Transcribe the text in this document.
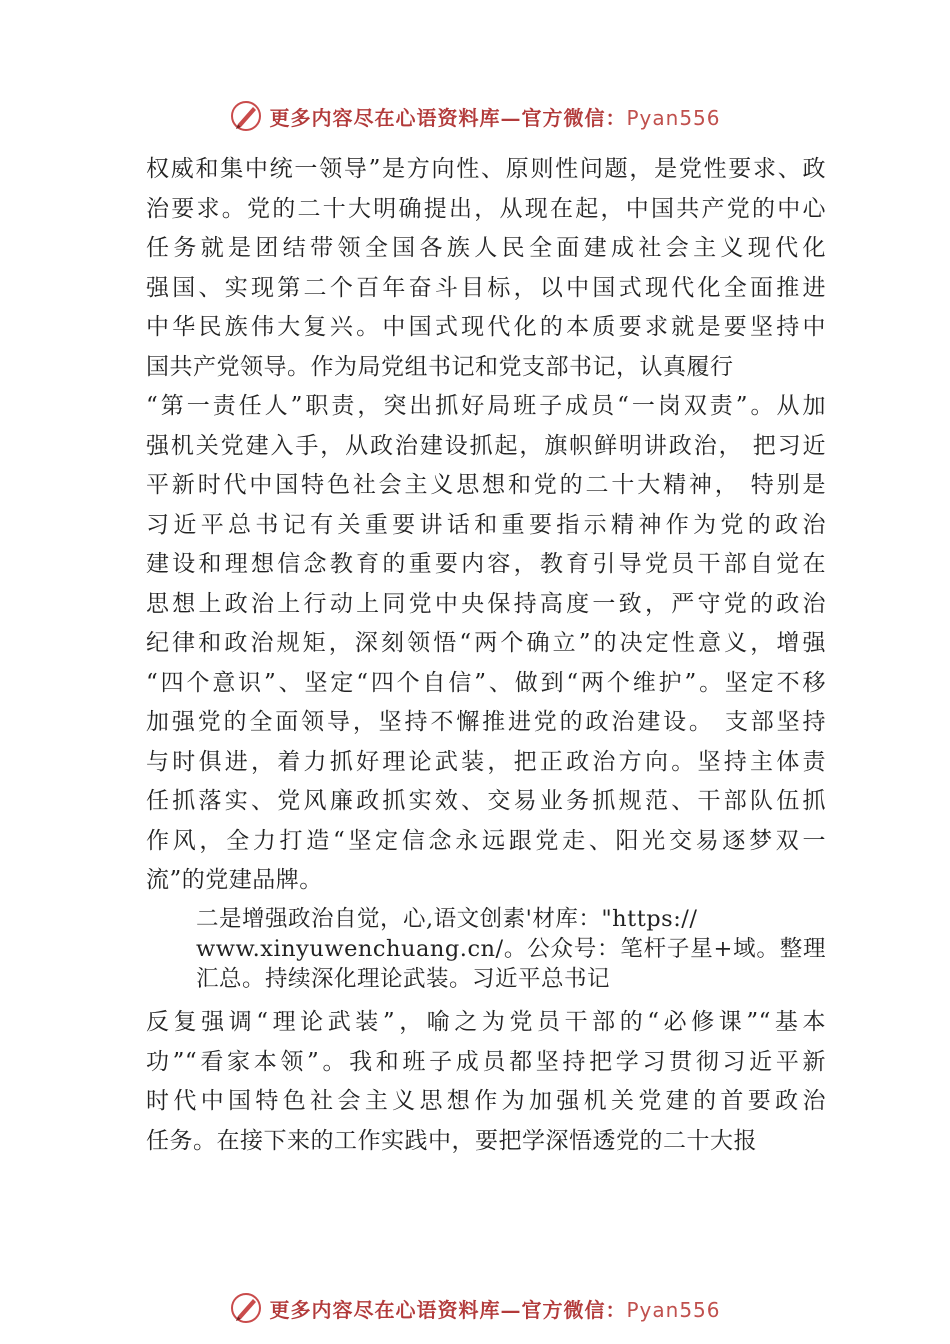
更多内容尽在心语资料库—官方微信：Pyan556
权威和集中统一领导”是方向性、原则性问题，是党性要求、政
治要求。党的二十大明确提出，从现在起，中国共产党的中心
任务就是团结带领全国各族人民全面建成社会主义现代化
强国、实现第二个百年奋斗目标，以中国式现代化全面推进
中华民族伟大复兴。中国式现代化的本质要求就是要坚持中
国共产党领导。作为局党组书记和党支部书记，认真履行
“第一责任人”职责，突出抓好局班子成员“一岗双责”。从加
强机关党建入手，从政治建设抓起，旗帜鲜明讲政治， 把习近
平新时代中国特色社会主义思想和党的二十大精神， 特别是
习近平总书记有关重要讲话和重要指示精神作为党的政治
建设和理想信念教育的重要内容，教育引导党员干部自觉在
思想上政治上行动上同党中央保持高度一致，严守党的政治
纪律和政治规矩，深刻领悟“两个确立”的决定性意义，增强
“四个意识”、坚定“四个自信”、做到“两个维护”。坚定不移
加强党的全面领导，坚持不懈推进党的政治建设。 支部坚持
与时俱进，着力抓好理论武装，把正政治方向。坚持主体责
任抓落实、党风廉政抓实效、交易业务抓规范、干部队伍抓
作风，全力打造“坚定信念永远跟党走、阳光交易逐梦双一
流”的党建品牌。
二是增强政治自觉，心,语文创素'材库："https://
www.xinyuwenchuang.cn/。公众号：笔杆子星+域。整理
汇总。持续深化理论武装。习近平总书记
反复强调“理论武装”，喻之为党员干部的“必修课”“基本
功”“看家本领”。我和班子成员都坚持把学习贯彻习近平新
时代中国特色社会主义思想作为加强机关党建的首要政治
任务。在接下来的工作实践中，要把学深悟透党的二十大报
更多内容尽在心语资料库—官方微信：Pyan556
